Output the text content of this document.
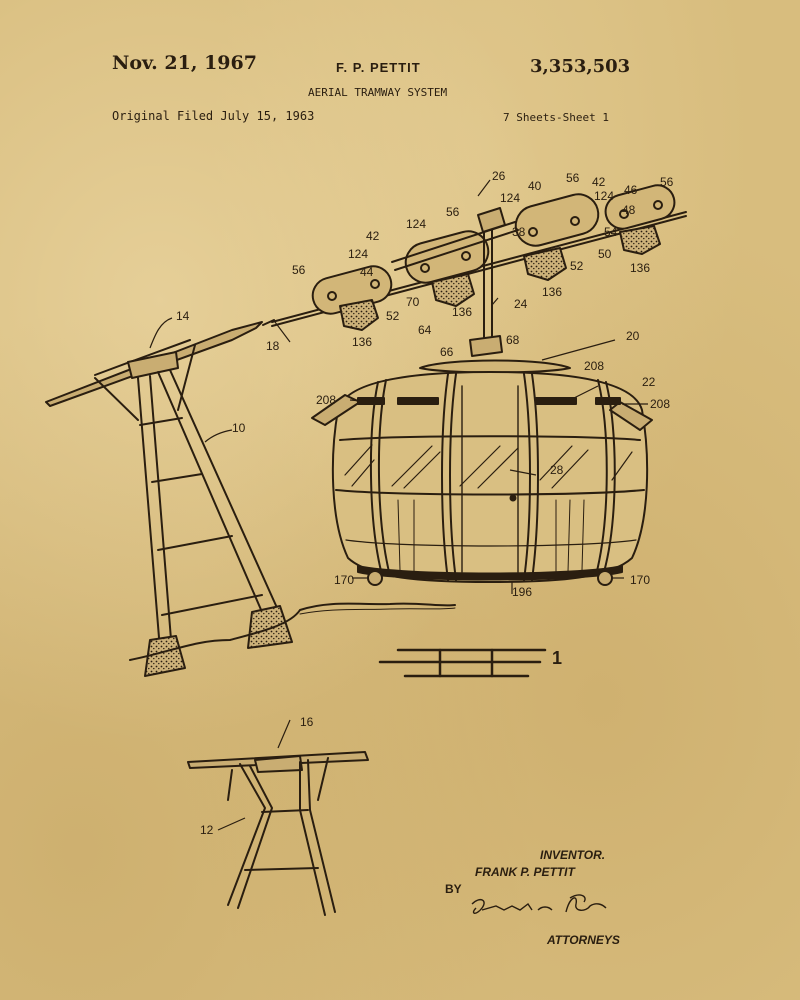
Nov. 21, 1967	F. P. PETTIT	3,353,503
AERIAL TRAMWAY SYSTEM
Original Filed July 15, 1963	7 Sheets-Sheet 1
10
12
14
16
18
20
22
24
26
28
38
40
42
42
44
46
48
50
52
52
54
56
56
56	56
64
66
68
70
124
124
124	124
136
136
136
136
170	170
196
208
208
208
1
INVENTOR.
FRANK P. PETTIT
BY
ATTORNEYS
